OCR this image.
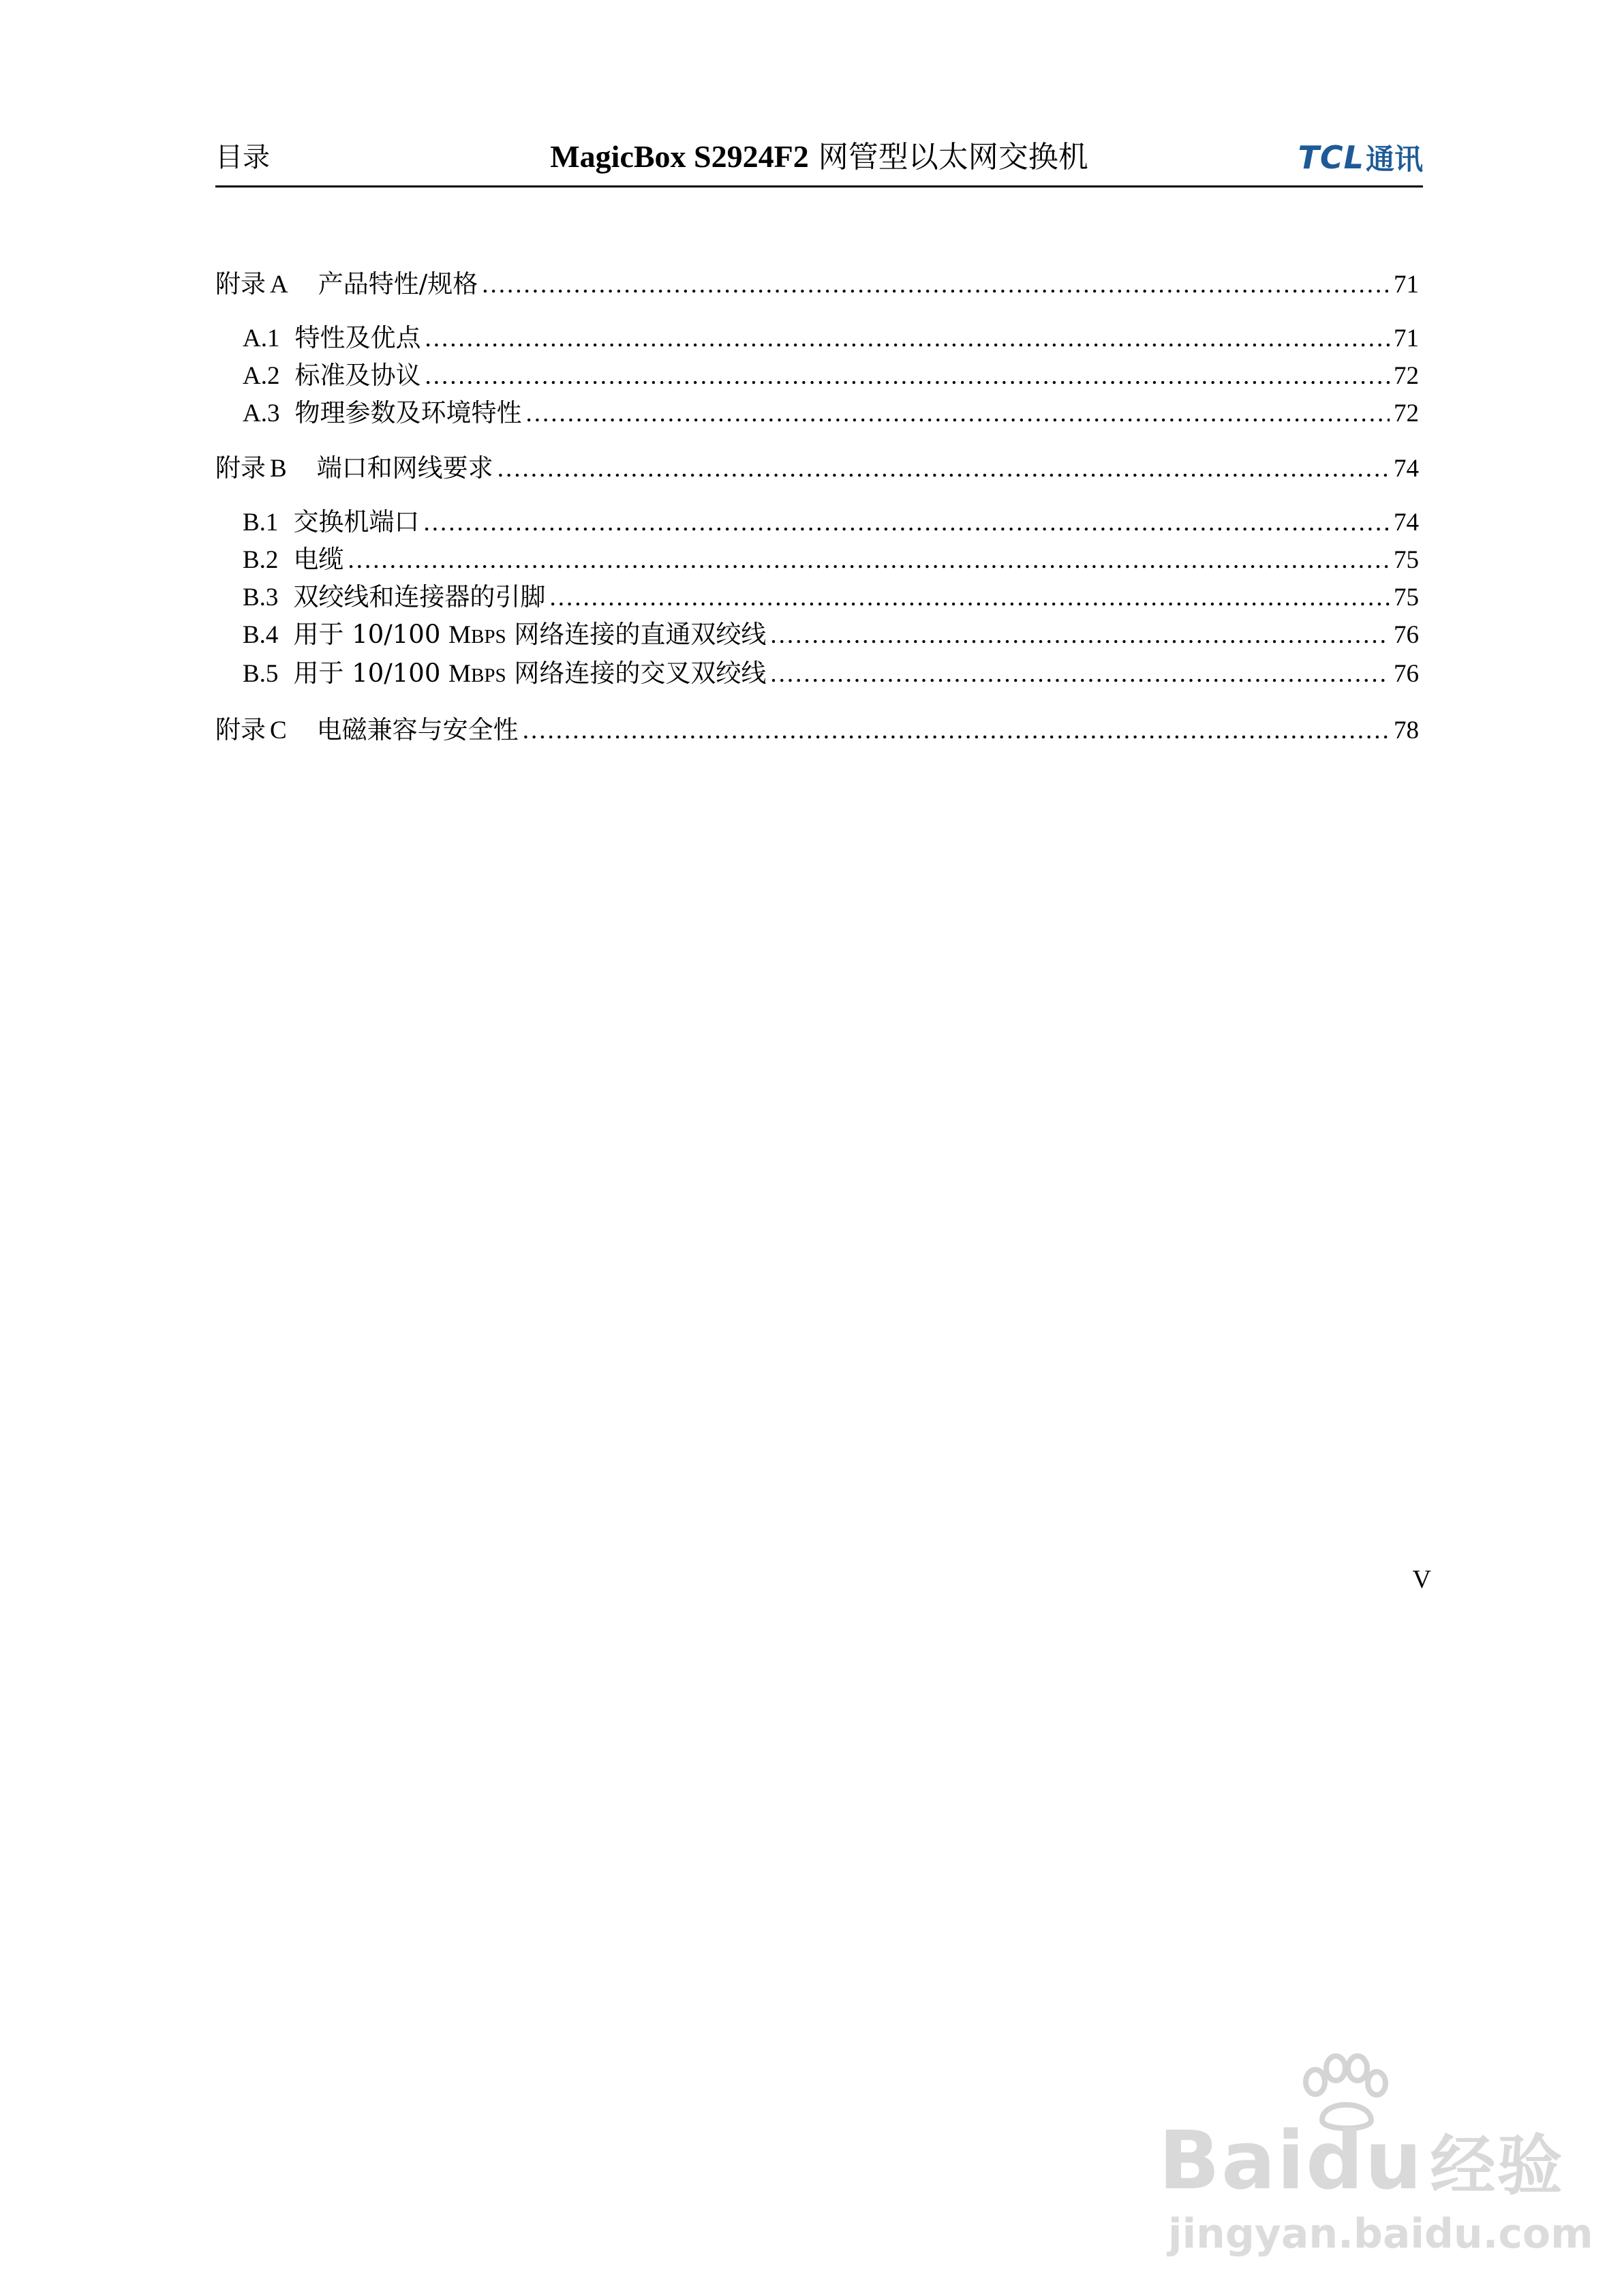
目录	MagicBox S2924F2 网管型以太网交换机	TCL 通讯
附录 A 产品特性/规格 .....	71
A.1 特性及优点 .....	71
A.2 标准及协议 .....	72
A.3 物理参数及环境特性 .....	72
附录 B 端口和网线要求 .....	74
B.1 交换机端口 .....	74
B.2 电缆 .....	75
B.3 双绞线和连接器的引脚 .....	75
B.4 用于 10/100 MBPS 网络连接的直通双绞线 .....	76
B.5 用于 10/100 MBPS 网络连接的交叉双绞线 .....	76
附录 C 电磁兼容与安全性 .....	78
V
Baidu 经验
jingyan.baidu.com
